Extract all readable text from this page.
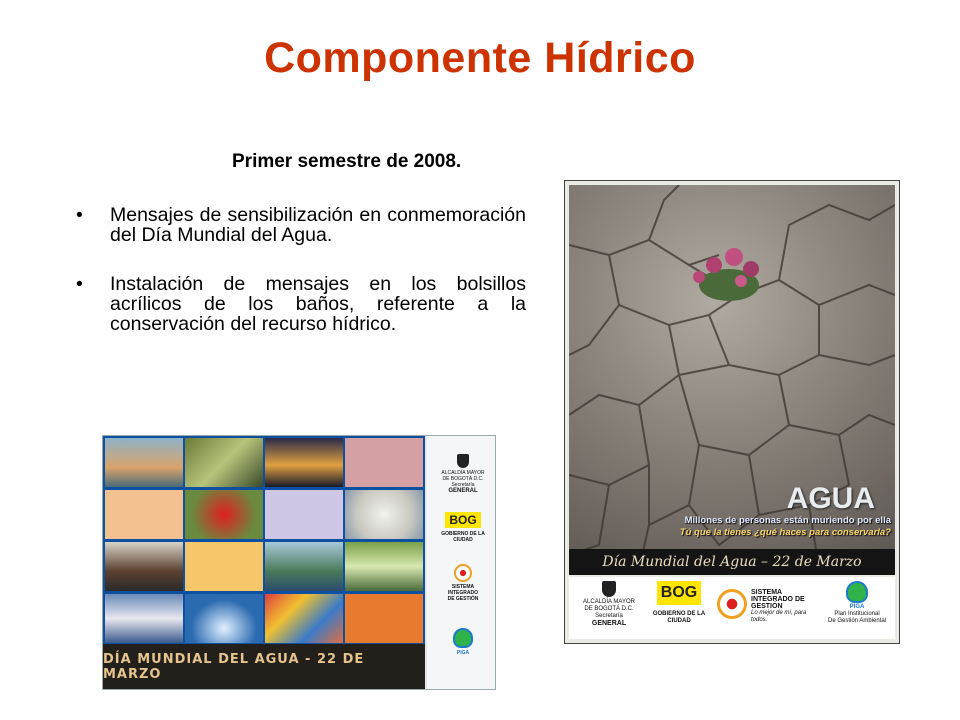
Componente Hídrico
Primer semestre de 2008.
• Mensajes de sensibilización en conmemoración del Día Mundial del Agua.
• Instalación de mensajes en los bolsillos acrílicos de los baños, referente a la conservación del recurso hídrico.
DÍA MUNDIAL DEL AGUA - 22 DE MARZO
ALCALDÍA MAYOR
DE BOGOTÁ D.C.
Secretaría
GENERAL
BOG
GOBIERNO DE LA CIUDAD
SISTEMA
INTEGRADO
DE GESTIÓN
PIGA
AGUA
Millones de personas están muriendo por ella
Tú que la tienes ¿qué haces para conservarla?
Día Mundial del Agua – 22 de Marzo
ALCALDÍA MAYOR
DE BOGOTÁ D.C.
Secretaría
GENERAL
BOG
GOBIERNO DE LA CIUDAD
SISTEMA
INTEGRADO DE GESTIÓN
Lo mejor de mí, para todos.
PIGA
Plan Institucional
De Gestión Ambiental
